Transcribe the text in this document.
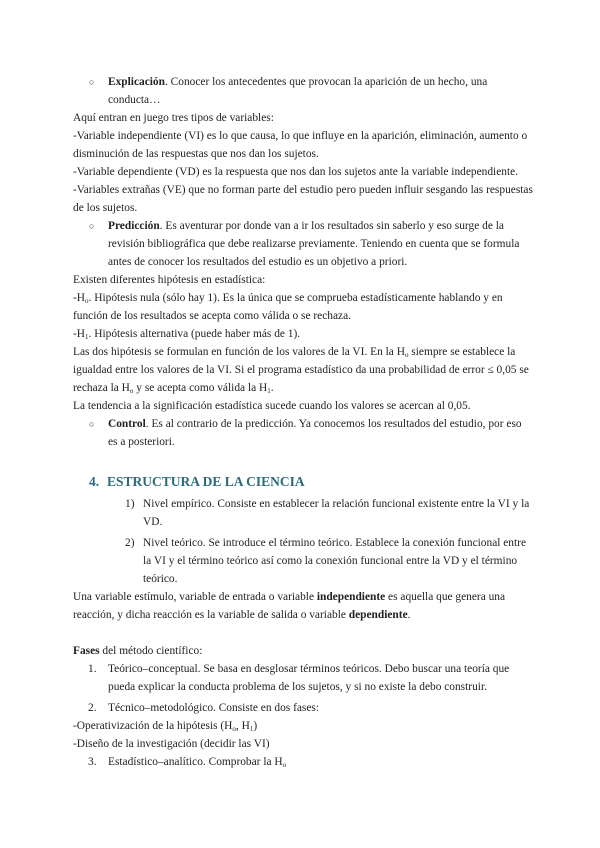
○ Explicación. Conocer los antecedentes que provocan la aparición de un hecho, una conducta…

Aquí entran en juego tres tipos de variables:

-Variable independiente (VI) es lo que causa, lo que influye en la aparición, eliminación, aumento o disminución de las respuestas que nos dan los sujetos.

-Variable dependiente (VD) es la respuesta que nos dan los sujetos ante la variable independiente.

-Variables extrañas (VE) que no forman parte del estudio pero pueden influir sesgando las respuestas de los sujetos.

○ Predicción. Es aventurar por donde van a ir los resultados sin saberlo y eso surge de la revisión bibliográfica que debe realizarse previamente. Teniendo en cuenta que se formula antes de conocer los resultados del estudio es un objetivo a priori.

Existen diferentes hipótesis en estadística:

$-H_o$. Hipótesis nula (sólo hay 1). Es la única que se comprueba estadísticamente hablando y en función de los resultados se acepta como válida o se rechaza.

$-H_1$. Hipótesis alternativa (puede haber más de 1).

Las dos hipótesis se formulan en función de los valores de la VI. En la $H_o$ siempre se establece la igualdad entre los valores de la VI. Si el programa estadístico da una probabilidad de error ≤ 0,05 se rechaza la $H_o$ y se acepta como válida la $H_1$.

La tendencia a la significación estadística sucede cuando los valores se acercan al 0,05.

○ Control. Es al contrario de la predicción. Ya conocemos los resultados del estudio, por eso es a posteriori.

4. ESTRUCTURA DE LA CIENCIA

1) Nivel empírico. Consiste en establecer la relación funcional existente entre la VI y la VD.

2) Nivel teórico. Se introduce el término teórico. Establece la conexión funcional entre la VI y el término teórico así como la conexión funcional entre la VD y el término teórico.

Una variable estímulo, variable de entrada o variable independiente es aquella que genera una reacción, y dicha reacción es la variable de salida o variable dependiente.

Fases del método científico:

1. Teórico–conceptual. Se basa en desglosar términos teóricos. Debo buscar una teoría que pueda explicar la conducta problema de los sujetos, y si no existe la debo construir.

2. Técnico–metodológico. Consiste en dos fases:

-Operativización de la hipótesis ($H_o$, $H_1$)

-Diseño de la investigación (decidir las VI)

3. Estadístico–analítico. Comprobar la $H_o$
